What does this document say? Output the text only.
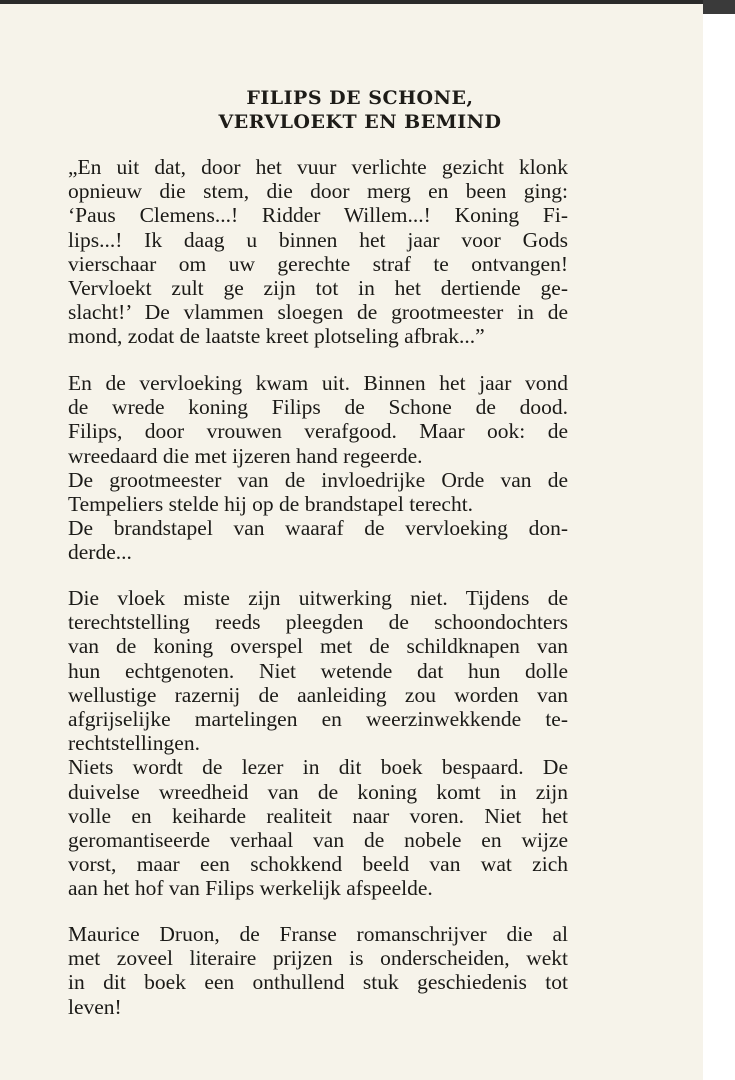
FILIPS DE SCHONE,
VERVLOEKT EN BEMIND
„En uit dat, door het vuur verlichte gezicht klonk
opnieuw die stem, die door merg en been ging:
‘Paus Clemens...! Ridder Willem...! Koning Fi-
lips...! Ik daag u binnen het jaar voor Gods
vierschaar om uw gerechte straf te ontvangen!
Vervloekt zult ge zijn tot in het dertiende ge-
slacht!’ De vlammen sloegen de grootmeester in de
mond, zodat de laatste kreet plotseling afbrak...”
En de vervloeking kwam uit. Binnen het jaar vond
de wrede koning Filips de Schone de dood.
Filips, door vrouwen verafgood. Maar ook: de
wreedaard die met ijzeren hand regeerde.
De grootmeester van de invloedrijke Orde van de
Tempeliers stelde hij op de brandstapel terecht.
De brandstapel van waaraf de vervloeking don-
derde...
Die vloek miste zijn uitwerking niet. Tijdens de
terechtstelling reeds pleegden de schoondochters
van de koning overspel met de schildknapen van
hun echtgenoten. Niet wetende dat hun dolle
wellustige razernij de aanleiding zou worden van
afgrijselijke martelingen en weerzinwekkende te-
rechtstellingen.
Niets wordt de lezer in dit boek bespaard. De
duivelse wreedheid van de koning komt in zijn
volle en keiharde realiteit naar voren. Niet het
geromantiseerde verhaal van de nobele en wijze
vorst, maar een schokkend beeld van wat zich
aan het hof van Filips werkelijk afspeelde.
Maurice Druon, de Franse romanschrijver die al
met zoveel literaire prijzen is onderscheiden, wekt
in dit boek een onthullend stuk geschiedenis tot
leven!
